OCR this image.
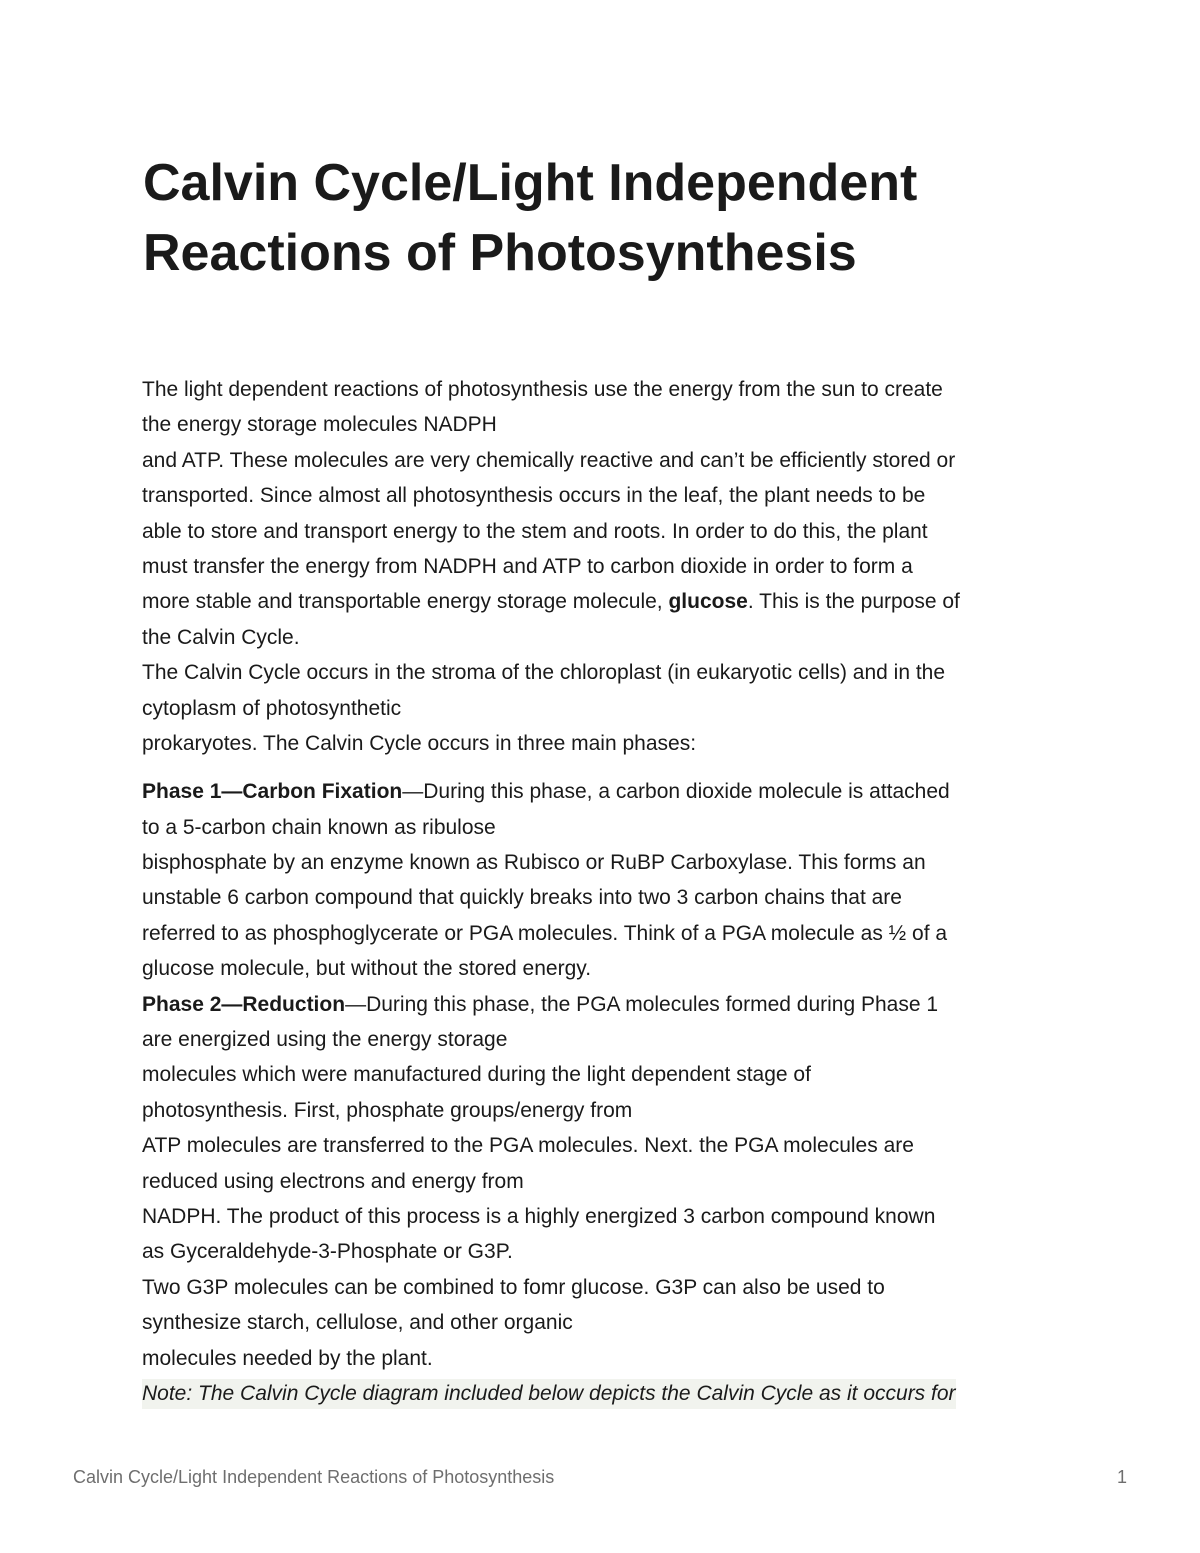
Calvin Cycle/Light Independent
Reactions of Photosynthesis
The light dependent reactions of photosynthesis use the energy from the sun to create
the energy storage molecules NADPH
and ATP. These molecules are very chemically reactive and can’t be efficiently stored or
transported. Since almost all photosynthesis occurs in the leaf, the plant needs to be
able to store and transport energy to the stem and roots. In order to do this, the plant
must transfer the energy from NADPH and ATP to carbon dioxide in order to form a
more stable and transportable energy storage molecule, glucose. This is the purpose of
the Calvin Cycle.
The Calvin Cycle occurs in the stroma of the chloroplast (in eukaryotic cells) and in the
cytoplasm of photosynthetic
prokaryotes. The Calvin Cycle occurs in three main phases:
Phase 1—Carbon Fixation—During this phase, a carbon dioxide molecule is attached
to a 5-carbon chain known as ribulose
bisphosphate by an enzyme known as Rubisco or RuBP Carboxylase. This forms an
unstable 6 carbon compound that quickly breaks into two 3 carbon chains that are
referred to as phosphoglycerate or PGA molecules. Think of a PGA molecule as ½ of a
glucose molecule, but without the stored energy.
Phase 2—Reduction—During this phase, the PGA molecules formed during Phase 1
are energized using the energy storage
molecules which were manufactured during the light dependent stage of
photosynthesis. First, phosphate groups/energy from
ATP molecules are transferred to the PGA molecules. Next. the PGA molecules are
reduced using electrons and energy from
NADPH. The product of this process is a highly energized 3 carbon compound known
as Gyceraldehyde-3-Phosphate or G3P.
Two G3P molecules can be combined to fomr glucose. G3P can also be used to
synthesize starch, cellulose, and other organic
molecules needed by the plant.
Note: The Calvin Cycle diagram included below depicts the Calvin Cycle as it occurs for
Calvin Cycle/Light Independent Reactions of Photosynthesis	1
